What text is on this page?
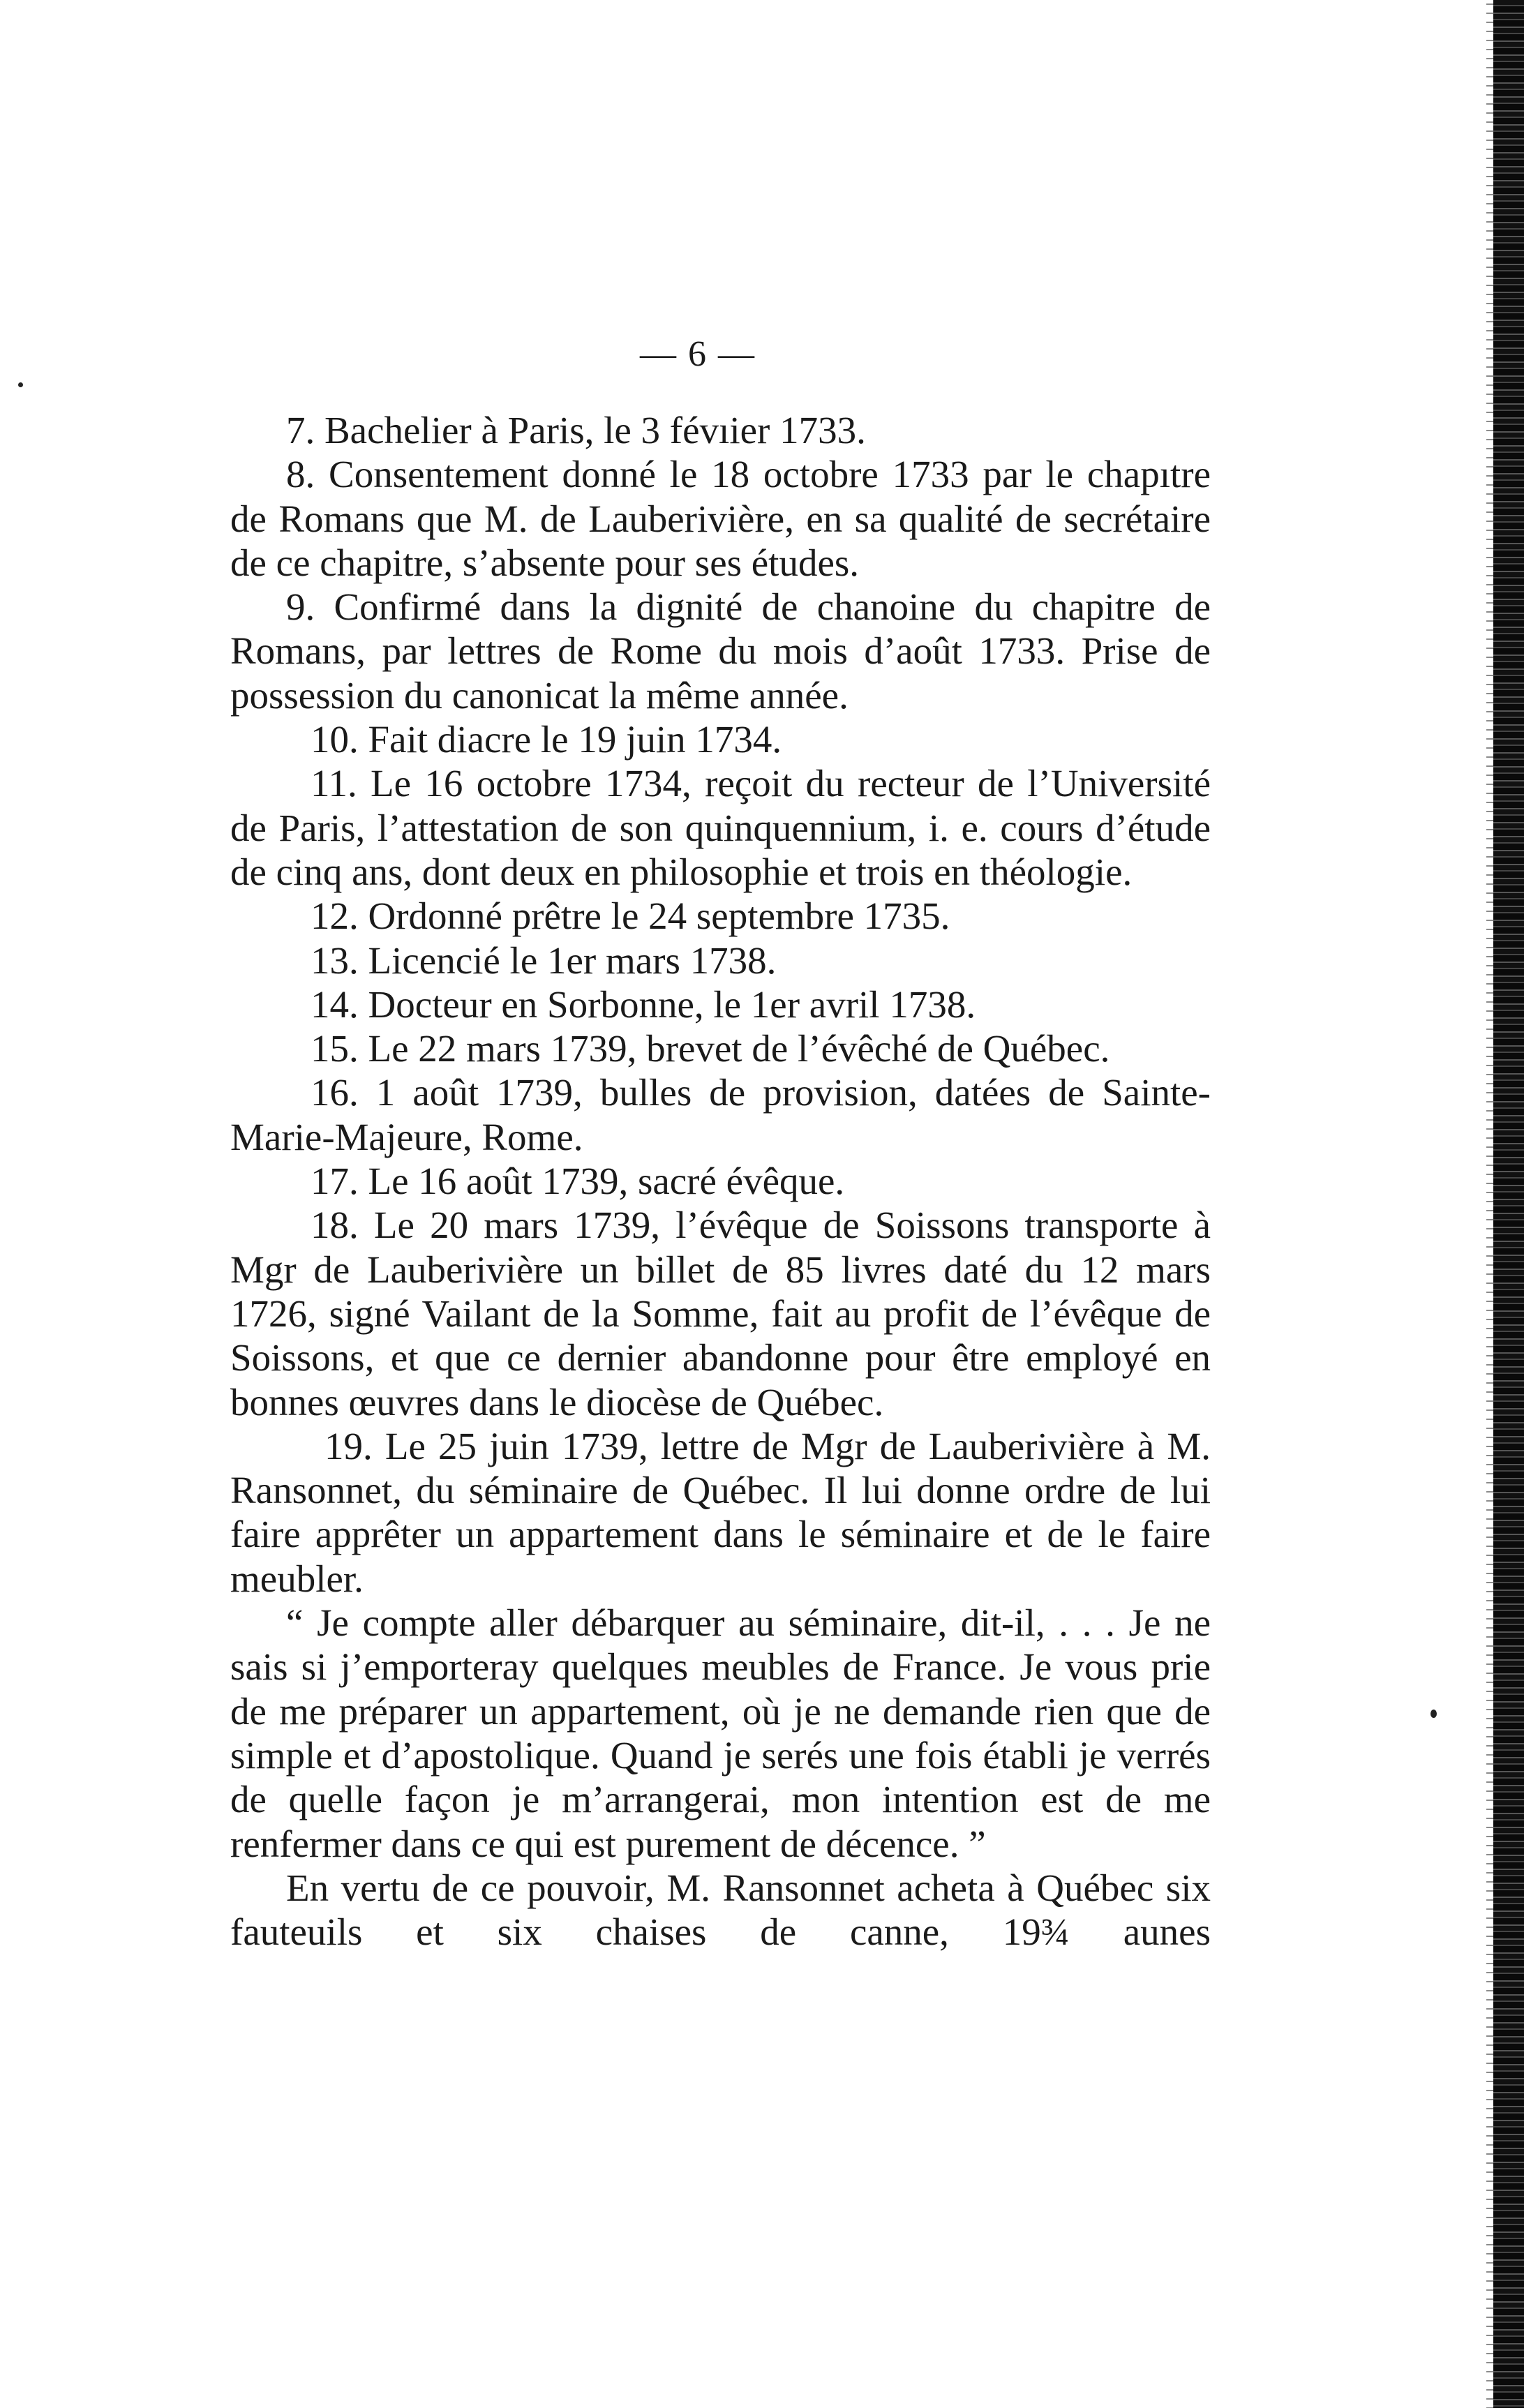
— 6 —

7. Bachelier à Paris, le 3 févıier 1733.

8. Consentement donné le 18 octobre 1733 par le chapıtre de Romans que M. de Lauberivière, en sa qualité de secrétaire de ce chapitre, s’absente pour ses études.

9. Confirmé dans la dignité de chanoine du chapitre de Romans, par lettres de Rome du mois d’août 1733. Prise de possession du canonicat la même année.

10. Fait diacre le 19 juin 1734.

11. Le 16 octobre 1734, reçoit du recteur de l’Université de Paris, l’attestation de son quinquennium, i. e. cours d’étude de cinq ans, dont deux en philosophie et trois en théologie.

12. Ordonné prêtre le 24 septembre 1735.

13. Licencié le 1er mars 1738.

14. Docteur en Sorbonne, le 1er avril 1738.

15. Le 22 mars 1739, brevet de l’évêché de Québec.

16. 1 août 1739, bulles de provision, datées de Sainte-Marie-Majeure, Rome.

17. Le 16 août 1739, sacré évêque.

18. Le 20 mars 1739, l’évêque de Soissons transporte à Mgr de Lauberivière un billet de 85 livres daté du 12 mars 1726, signé Vailant de la Somme, fait au profit de l’évêque de Soissons, et que ce dernier abandonne pour être employé en bonnes œuvres dans le diocèse de Québec.

19. Le 25 juin 1739, lettre de Mgr de Lauberivière à M. Ransonnet, du séminaire de Québec. Il lui donne ordre de lui faire apprêter un appartement dans le séminaire et de le faire meubler.

“ Je compte aller débarquer au séminaire, dit-il, . . . Je ne sais si j’emporteray quelques meubles de France. Je vous prie de me préparer un appartement, où je ne demande rien que de simple et d’apostolique. Quand je serés une fois établi je verrés de quelle façon je m’arrangerai, mon intention est de me renfermer dans ce qui est purement de décence. ”

En vertu de ce pouvoir, M. Ransonnet acheta à Québec six fauteuils et six chaises de canne, 19¾ aunes
